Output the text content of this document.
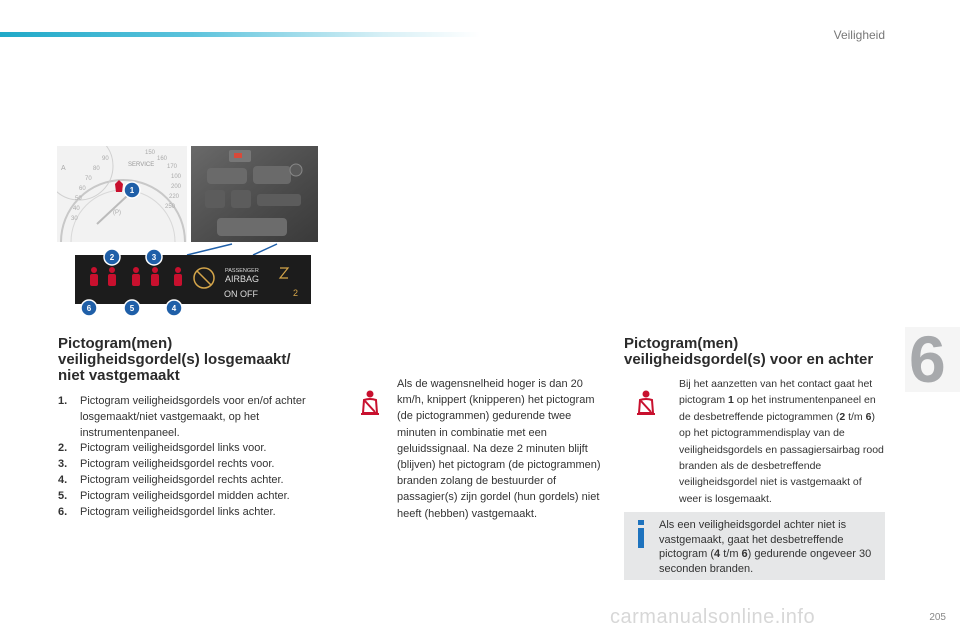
Veiligheid
6
SERVICE
90
80
70
60
50
40
30
150
160
170
100
200
220
250
A
(P)
PASSENGER
AIRBAG
ON OFF	2
1
2	3
4
5
6
Pictogram(men)
veiligheidsgordel(s) losgemaakt/
niet vastgemaakt
1. Pictogram veiligheidsgordels voor en/of achter losgemaakt/niet vastgemaakt, op het instrumentenpaneel.
2. Pictogram veiligheidsgordel links voor.
3. Pictogram veiligheidsgordel rechts voor.
4. Pictogram veiligheidsgordel rechts achter.
5. Pictogram veiligheidsgordel midden achter.
6. Pictogram veiligheidsgordel links achter.

Als de wagensnelheid hoger is dan 20 km/h, knippert (knipperen) het pictogram (de pictogrammen) gedurende twee minuten in combinatie met een geluidssignaal. Na deze 2 minuten blijft (blijven) het pictogram (de pictogrammen) branden zolang de bestuurder of passagier(s) zijn gordel (hun gordels) niet heeft (hebben) vastgemaakt.

Pictogram(men)
veiligheidsgordel(s) voor en achter

Bij het aanzetten van het contact gaat het pictogram 1 op het instrumentenpaneel en de desbetreffende pictogrammen (2 t/m 6) op het pictogrammendisplay van de veiligheidsgordels en passagiersairbag rood branden als de desbetreffende veiligheidsgordel niet is vastgemaakt of weer is losgemaakt.

Als een veiligheidsgordel achter niet is vastgemaakt, gaat het desbetreffende pictogram (4 t/m 6) gedurende ongeveer 30 seconden branden.

carmanualsonline.info	205
